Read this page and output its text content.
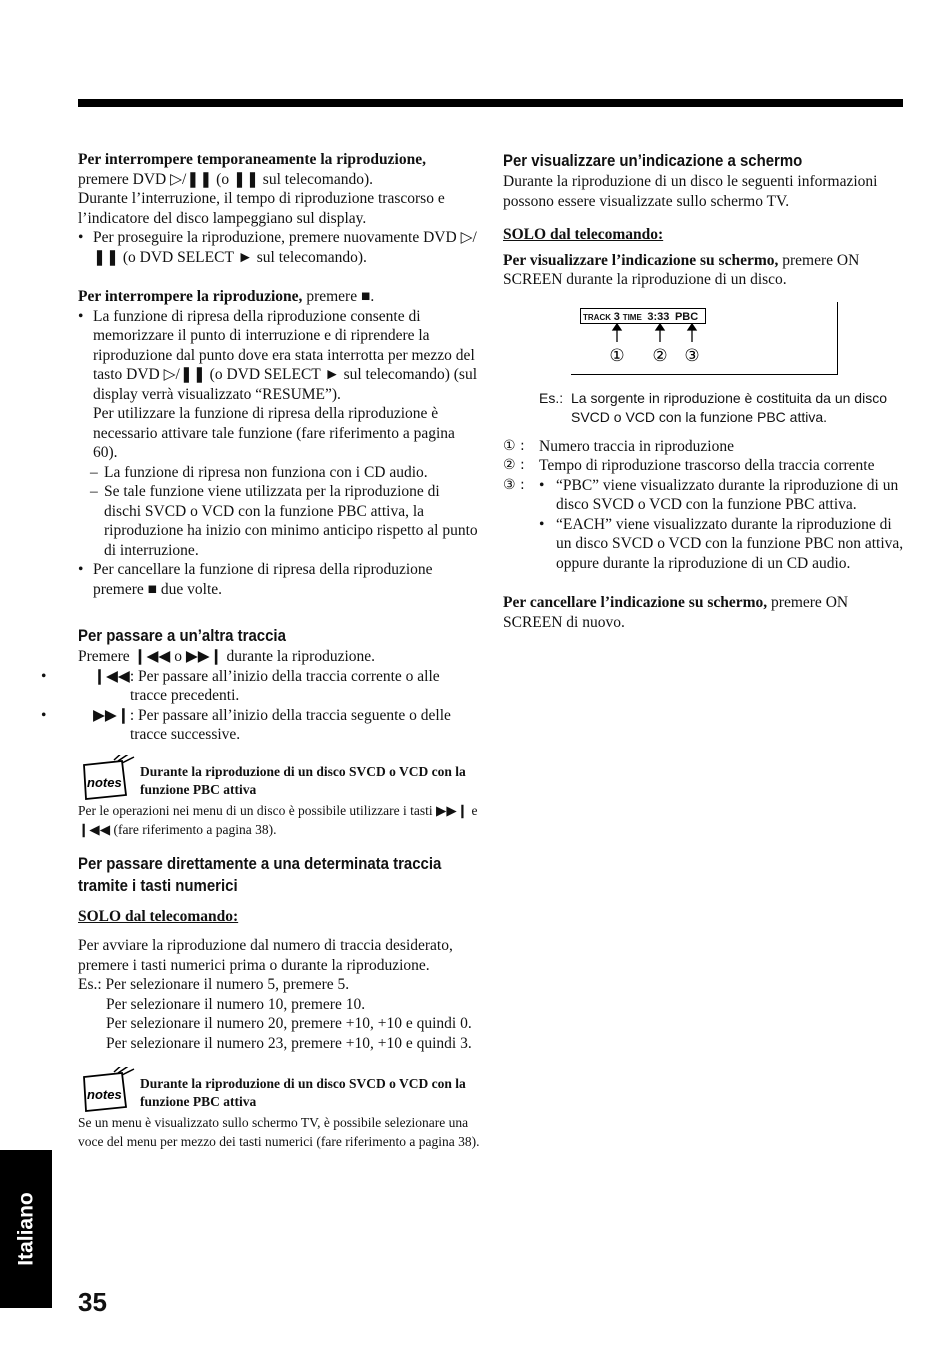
Per interrompere temporaneamente la riproduzione,

premere DVD ▷/❚❚ (o ❚❚ sul telecomando).

Durante l’interruzione, il tempo di riproduzione trascorso e l’indicatore del disco lampeggiano sul display.

• Per proseguire la riproduzione, premere nuovamente DVD ▷/❚❚ (o DVD SELECT ► sul telecomando).

Per interrompere la riproduzione, premere ■.

• La funzione di ripresa della riproduzione consente di memorizzare il punto di interruzione e di riprendere la riproduzione dal punto dove era stata interrotta per mezzo del tasto DVD ▷/❚❚ (o DVD SELECT ► sul telecomando) (sul display verrà visualizzato “RESUME”).

Per utilizzare la funzione di ripresa della riproduzione è necessario attivare tale funzione (fare riferimento a pagina 60).

– La funzione di ripresa non funziona con i CD audio.

– Se tale funzione viene utilizzata per la riproduzione di dischi SVCD o VCD con la funzione PBC attiva, la riproduzione ha inizio con minimo anticipo rispetto al punto di interruzione.

• Per cancellare la funzione di ripresa della riproduzione premere ■ due volte.

Per passare a un’altra traccia

Premere ❙◀◀ o ▶▶❙ durante la riproduzione.

• ❙◀◀: Per passare all’inizio della traccia corrente o alle tracce precedenti.

• ▶▶❙: Per passare all’inizio della traccia seguente o delle tracce successive.

notes

Durante la riproduzione di un disco SVCD o VCD con la funzione PBC attiva

Per le operazioni nei menu di un disco è possibile utilizzare i tasti ▶▶❙ e ❙◀◀ (fare riferimento a pagina 38).

Per passare direttamente a una determinata traccia
tramite i tasti numerici

SOLO dal telecomando:

Per avviare la riproduzione dal numero di traccia desiderato, premere i tasti numerici prima o durante la riproduzione.

Es.: Per selezionare il numero 5, premere 5.

Per selezionare il numero 10, premere 10.

Per selezionare il numero 20, premere +10, +10 e quindi 0.

Per selezionare il numero 23, premere +10, +10 e quindi 3.

notes

Durante la riproduzione di un disco SVCD o VCD con la funzione PBC attiva

Se un menu è visualizzato sullo schermo TV, è possibile selezionare una voce del menu per mezzo dei tasti numerici (fare riferimento a pagina 38).

Per visualizzare un’indicazione a schermo

Durante la riproduzione di un disco le seguenti informazioni possono essere visualizzate sullo schermo TV.

SOLO dal telecomando:

Per visualizzare l’indicazione su schermo, premere ON SCREEN durante la riproduzione di un disco.

TRACK 3 TIME 3:33 PBC
① ② ③
Es.: La sorgente in riproduzione è costituita da un disco SVCD o VCD con la funzione PBC attiva.
① : Numero traccia in riproduzione
② : Tempo di riproduzione trascorso della traccia corrente
③ :

•	“PBC” viene visualizzato durante la riproduzione di un disco SVCD o VCD con la funzione PBC attiva.

• “EACH” viene visualizzato durante la riproduzione di un disco SVCD o VCD con la funzione PBC non attiva, oppure durante la riproduzione di un CD audio.

Per cancellare l’indicazione su schermo, premere ON SCREEN di nuovo.

Italiano
35
